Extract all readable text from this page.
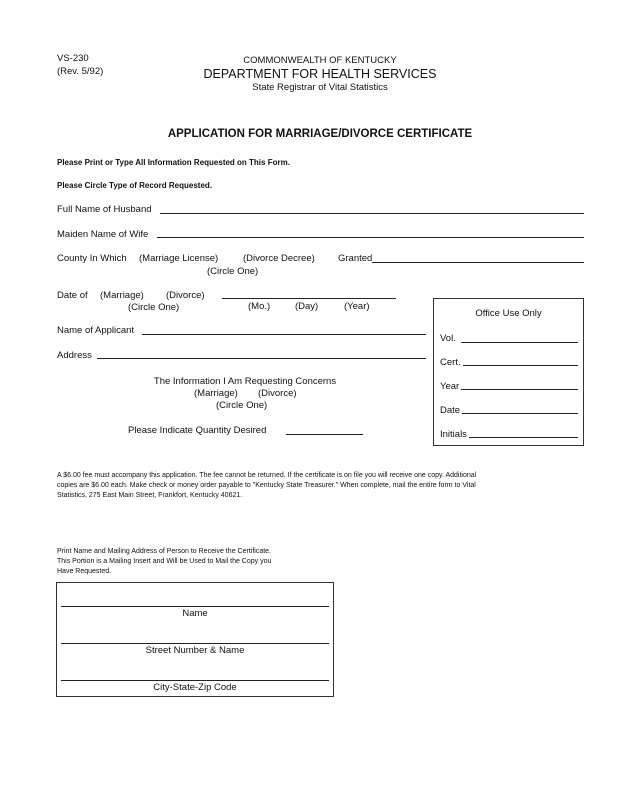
VS-230
(Rev. 5/92)
COMMONWEALTH OF KENTUCKY
DEPARTMENT FOR HEALTH SERVICES
State Registrar of Vital Statistics
APPLICATION FOR MARRIAGE/DIVORCE CERTIFICATE
Please Print or Type All Information Requested on This Form.
Please Circle Type of Record Requested.
Full Name of Husband
Maiden Name of Wife
County In Which (Marriage License)	(Divorce Decree) Granted
(Circle One)
Date of (Marriage) (Divorce)
(Circle One)	(Mo.)	(Day)	(Year)
Name of Applicant
Address
The Information I Am Requesting Concerns
(Marriage) (Divorce)
(Circle One)
Please Indicate Quantity Desired
Office Use Only
Vol.
Cert.
Year
Date
Initials
A $6.00 fee must accompany this application. The fee cannot be returned. If the certificate is on file you will receive one copy. Additional
copies are $6.00 each. Make check or money order payable to "Kentucky State Treasurer." When complete, mail the entire form to Vital
Statistics, 275 East Main Street, Frankfort, Kentucky 40621.
Print Name and Mailing Address of Person to Receive the Certificate.
This Portion is a Mailing Insert and Will be Used to Mail the Copy you
Have Requested.
Name
Street Number & Name
City-State-Zip Code
